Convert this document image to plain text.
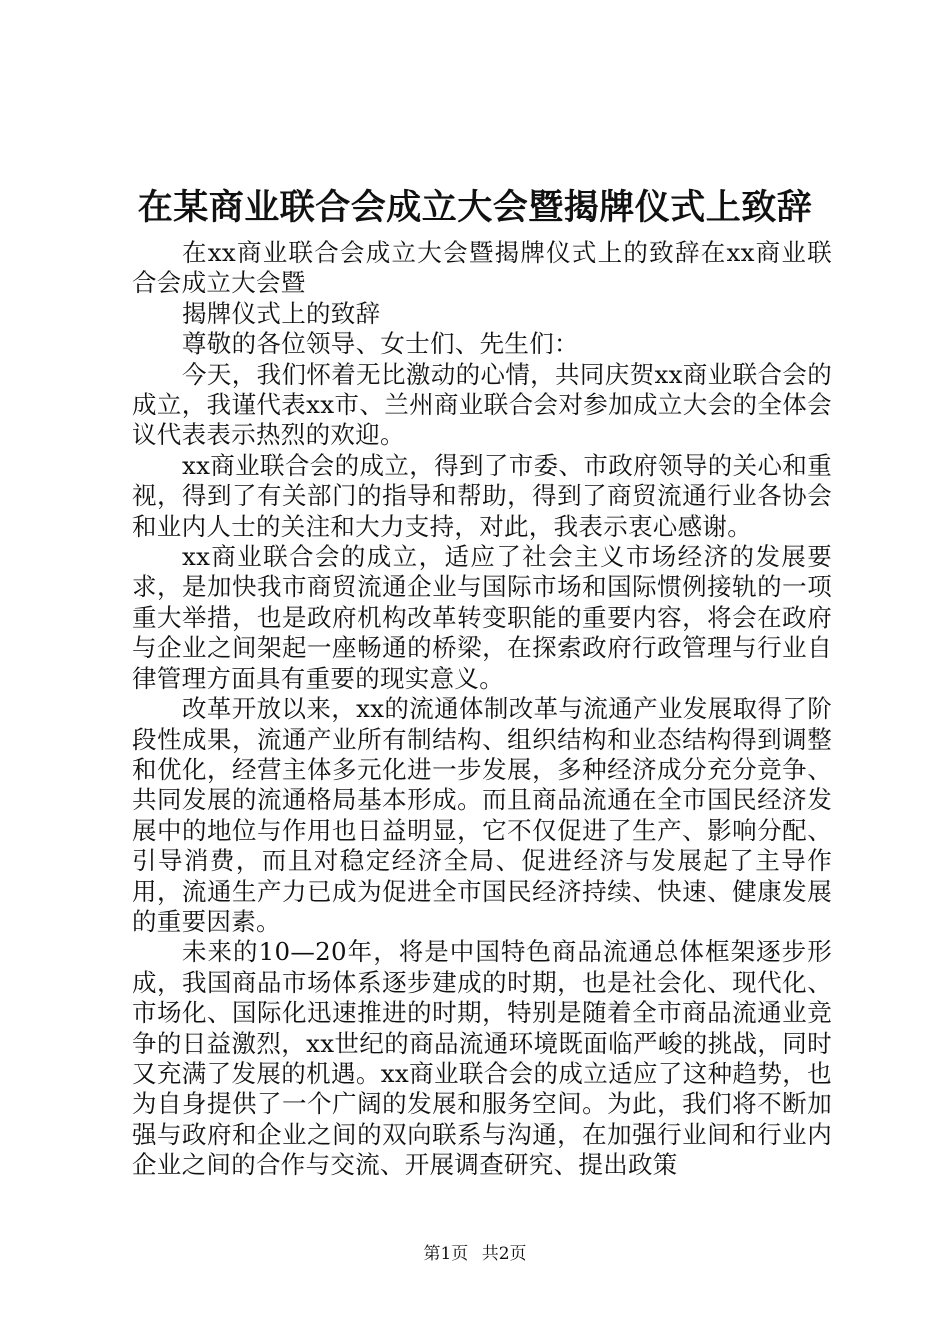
在某商业联合会成立大会暨揭牌仪式上致辞

在xx商业联合会成立大会暨揭牌仪式上的致辞在xx商业联合会成立大会暨

揭牌仪式上的致辞

尊敬的各位领导、女士们、先生们：

今天，我们怀着无比激动的心情，共同庆贺xx商业联合会的成立，我谨代表xx市、兰州商业联合会对参加成立大会的全体会议代表表示热烈的欢迎。

xx商业联合会的成立，得到了市委、市政府领导的关心和重视，得到了有关部门的指导和帮助，得到了商贸流通行业各协会和业内人士的关注和大力支持，对此，我表示衷心感谢。

xx商业联合会的成立，适应了社会主义市场经济的发展要求，是加快我市商贸流通企业与国际市场和国际惯例接轨的一项重大举措，也是政府机构改革转变职能的重要内容，将会在政府与企业之间架起一座畅通的桥梁，在探索政府行政管理与行业自律管理方面具有重要的现实意义。

改革开放以来，xx的流通体制改革与流通产业发展取得了阶段性成果，流通产业所有制结构、组织结构和业态结构得到调整和优化，经营主体多元化进一步发展，多种经济成分充分竞争、共同发展的流通格局基本形成。而且商品流通在全市国民经济发展中的地位与作用也日益明显，它不仅促进了生产、影响分配、引导消费，而且对稳定经济全局、促进经济与发展起了主导作用，流通生产力已成为促进全市国民经济持续、快速、健康发展的重要因素。

未来的10—20年，将是中国特色商品流通总体框架逐步形成，我国商品市场体系逐步建成的时期，也是社会化、现代化、市场化、国际化迅速推进的时期，特别是随着全市商品流通业竞争的日益激烈，xx世纪的商品流通环境既面临严峻的挑战，同时又充满了发展的机遇。xx商业联合会的成立适应了这种趋势，也为自身提供了一个广阔的发展和服务空间。为此，我们将不断加强与政府和企业之间的双向联系与沟通，在加强行业间和行业内企业之间的合作与交流、开展调查研究、提出政策

第1页 共2页
